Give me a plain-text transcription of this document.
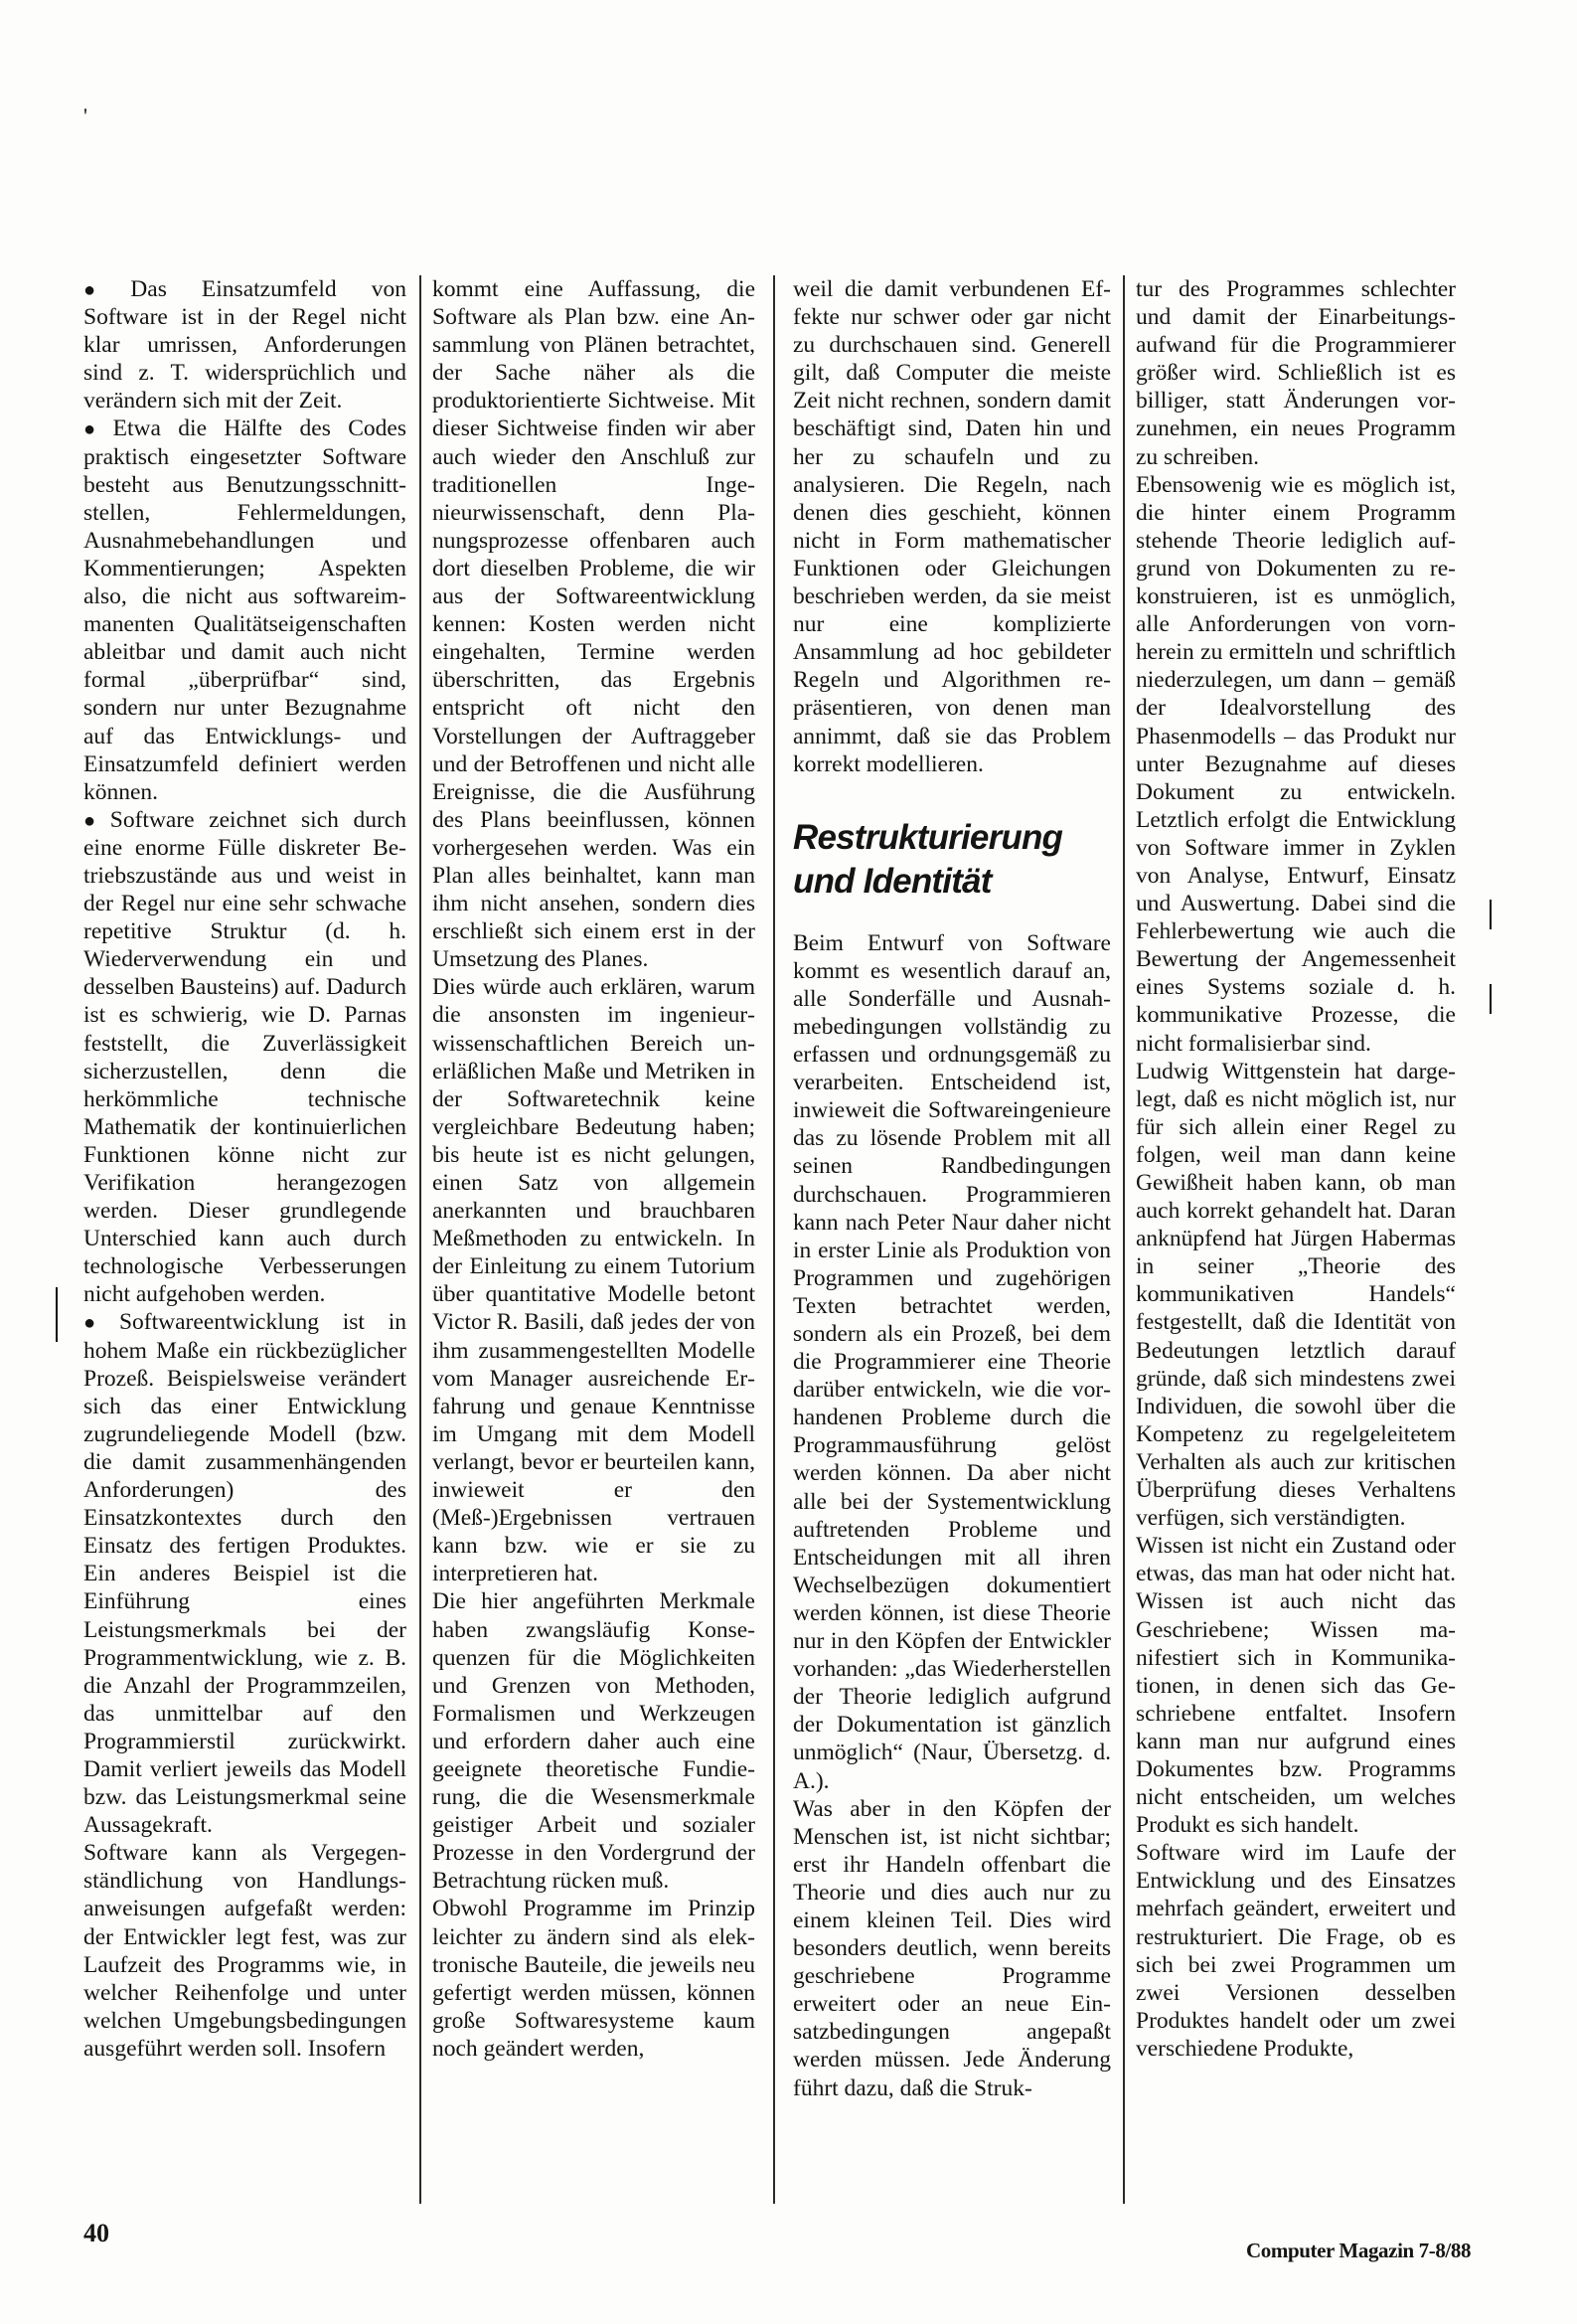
'

● Das Einsatzumfeld von Software ist in der Regel nicht klar umrissen, Anforderungen sind z. T. widersprüchlich und verändern sich mit der Zeit.

● Etwa die Hälfte des Codes praktisch eingesetzter Software besteht aus Benutzungsschnittstellen, Fehlermeldungen, Ausnahmebehandlungen und Kommentierungen; Aspekten also, die nicht aus softwareimmanenten Qualitätseigenschaften ableitbar und damit auch nicht formal „überprüfbar“ sind, sondern nur unter Bezugnahme auf das Entwicklungs- und Einsatzumfeld definiert werden können.

● Software zeichnet sich durch eine enorme Fülle diskreter Betriebszustände aus und weist in der Regel nur eine sehr schwache repetitive Struktur (d. h. Wiederverwendung ein und desselben Bausteins) auf. Dadurch ist es schwierig, wie D. Parnas feststellt, die Zuverlässigkeit sicherzustellen, denn die herkömmliche technische Mathematik der kontinuierlichen Funktionen könne nicht zur Verifikation herangezogen werden. Dieser grundlegende Unterschied kann auch durch technologische Verbesserungen nicht aufgehoben werden.

● Softwareentwicklung ist in hohem Maße ein rückbezüglicher Prozeß. Beispielsweise verändert sich das einer Entwicklung zugrundeliegende Modell (bzw. die damit zusammenhängenden Anforderungen) des Einsatzkontextes durch den Einsatz des fertigen Produktes. Ein anderes Beispiel ist die Einführung eines Leistungsmerkmals bei der Programmentwicklung, wie z. B. die Anzahl der Programmzeilen, das unmittelbar auf den Programmierstil zurückwirkt. Damit verliert jeweils das Modell bzw. das Leistungsmerkmal seine Aussagekraft.

Software kann als Vergegenständlichung von Handlungsanweisungen aufgefaßt werden: der Entwickler legt fest, was zur Laufzeit des Programms wie, in welcher Reihenfolge und unter welchen Umgebungsbedingungen ausgeführt werden soll. Insofern

kommt eine Auffassung, die Software als Plan bzw. eine Ansammlung von Plänen betrachtet, der Sache näher als die produktorientierte Sichtweise. Mit dieser Sichtweise finden wir aber auch wieder den Anschluß zur traditionellen Ingenieurwissenschaft, denn Planungsprozesse offenbaren auch dort dieselben Probleme, die wir aus der Softwareentwicklung kennen: Kosten werden nicht eingehalten, Termine werden überschritten, das Ergebnis entspricht oft nicht den Vorstellungen der Auftraggeber und der Betroffenen und nicht alle Ereignisse, die die Ausführung des Plans beeinflussen, können vorhergesehen werden. Was ein Plan alles beinhaltet, kann man ihm nicht ansehen, sondern dies erschließt sich einem erst in der Umsetzung des Planes.

Dies würde auch erklären, warum die ansonsten im ingenieurwissenschaftlichen Bereich unerläßlichen Maße und Metriken in der Softwaretechnik keine vergleichbare Bedeutung haben; bis heute ist es nicht gelungen, einen Satz von allgemein anerkannten und brauchbaren Meßmethoden zu entwickeln. In der Einleitung zu einem Tutorium über quantitative Modelle betont Victor R. Basili, daß jedes der von ihm zusammengestellten Modelle vom Manager ausreichende Erfahrung und genaue Kenntnisse im Umgang mit dem Modell verlangt, bevor er beurteilen kann, inwieweit er den (Meß-)Ergebnissen vertrauen kann bzw. wie er sie zu interpretieren hat.

Die hier angeführten Merkmale haben zwangsläufig Konsequenzen für die Möglichkeiten und Grenzen von Methoden, Formalismen und Werkzeugen und erfordern daher auch eine geeignete theoretische Fundierung, die die Wesensmerkmale geistiger Arbeit und sozialer Prozesse in den Vordergrund der Betrachtung rücken muß.

Obwohl Programme im Prinzip leichter zu ändern sind als elektronische Bauteile, die jeweils neu gefertigt werden müssen, können große Softwaresysteme kaum noch geändert werden,

weil die damit verbundenen Effekte nur schwer oder gar nicht zu durchschauen sind. Generell gilt, daß Computer die meiste Zeit nicht rechnen, sondern damit beschäftigt sind, Daten hin und her zu schaufeln und zu analysieren. Die Regeln, nach denen dies geschieht, können nicht in Form mathematischer Funktionen oder Gleichungen beschrieben werden, da sie meist nur eine komplizierte Ansammlung ad hoc gebildeter Regeln und Algorithmen repräsentieren, von denen man annimmt, daß sie das Problem korrekt modellieren.

Restrukturierung
und Identität

Beim Entwurf von Software kommt es wesentlich darauf an, alle Sonderfälle und Ausnahmebedingungen vollständig zu erfassen und ordnungsgemäß zu verarbeiten. Entscheidend ist, inwieweit die Softwareingenieure das zu lösende Problem mit all seinen Randbedingungen durchschauen. Programmieren kann nach Peter Naur daher nicht in erster Linie als Produktion von Programmen und zugehörigen Texten betrachtet werden, sondern als ein Prozeß, bei dem die Programmierer eine Theorie darüber entwickeln, wie die vorhandenen Probleme durch die Programmausführung gelöst werden können. Da aber nicht alle bei der Systementwicklung auftretenden Probleme und Entscheidungen mit all ihren Wechselbezügen dokumentiert werden können, ist diese Theorie nur in den Köpfen der Entwickler vorhanden: „das Wiederherstellen der Theorie lediglich aufgrund der Dokumentation ist gänzlich unmöglich“ (Naur, Übersetzg. d. A.).

Was aber in den Köpfen der Menschen ist, ist nicht sichtbar; erst ihr Handeln offenbart die Theorie und dies auch nur zu einem kleinen Teil. Dies wird besonders deutlich, wenn bereits geschriebene Programme erweitert oder an neue Einsatzbedingungen angepaßt werden müssen. Jede Änderung führt dazu, daß die Struk-

tur des Programmes schlechter und damit der Einarbeitungsaufwand für die Programmierer größer wird. Schließlich ist es billiger, statt Änderungen vorzunehmen, ein neues Programm zu schreiben.

Ebensowenig wie es möglich ist, die hinter einem Programm stehende Theorie lediglich aufgrund von Dokumenten zu rekonstruieren, ist es unmöglich, alle Anforderungen von vornherein zu ermitteln und schriftlich niederzulegen, um dann – gemäß der Idealvorstellung des Phasenmodells – das Produkt nur unter Bezugnahme auf dieses Dokument zu entwickeln. Letztlich erfolgt die Entwicklung von Software immer in Zyklen von Analyse, Entwurf, Einsatz und Auswertung. Dabei sind die Fehlerbewertung wie auch die Bewertung der Angemessenheit eines Systems soziale d. h. kommunikative Prozesse, die nicht formalisierbar sind.

Ludwig Wittgenstein hat dargelegt, daß es nicht möglich ist, nur für sich allein einer Regel zu folgen, weil man dann keine Gewißheit haben kann, ob man auch korrekt gehandelt hat. Daran anknüpfend hat Jürgen Habermas in seiner „Theorie des kommunikativen Handels“ festgestellt, daß die Identität von Bedeutungen letztlich darauf gründe, daß sich mindestens zwei Individuen, die sowohl über die Kompetenz zu regelgeleitetem Verhalten als auch zur kritischen Überprüfung dieses Verhaltens verfügen, sich verständigten.

Wissen ist nicht ein Zustand oder etwas, das man hat oder nicht hat. Wissen ist auch nicht das Geschriebene; Wissen manifestiert sich in Kommunikationen, in denen sich das Geschriebene entfaltet. Insofern kann man nur aufgrund eines Dokumentes bzw. Programms nicht entscheiden, um welches Produkt es sich handelt.

Software wird im Laufe der Entwicklung und des Einsatzes mehrfach geändert, erweitert und restrukturiert. Die Frage, ob es sich bei zwei Programmen um zwei Versionen desselben Produktes handelt oder um zwei verschiedene Produkte,

40
Computer Magazin 7-8/88
